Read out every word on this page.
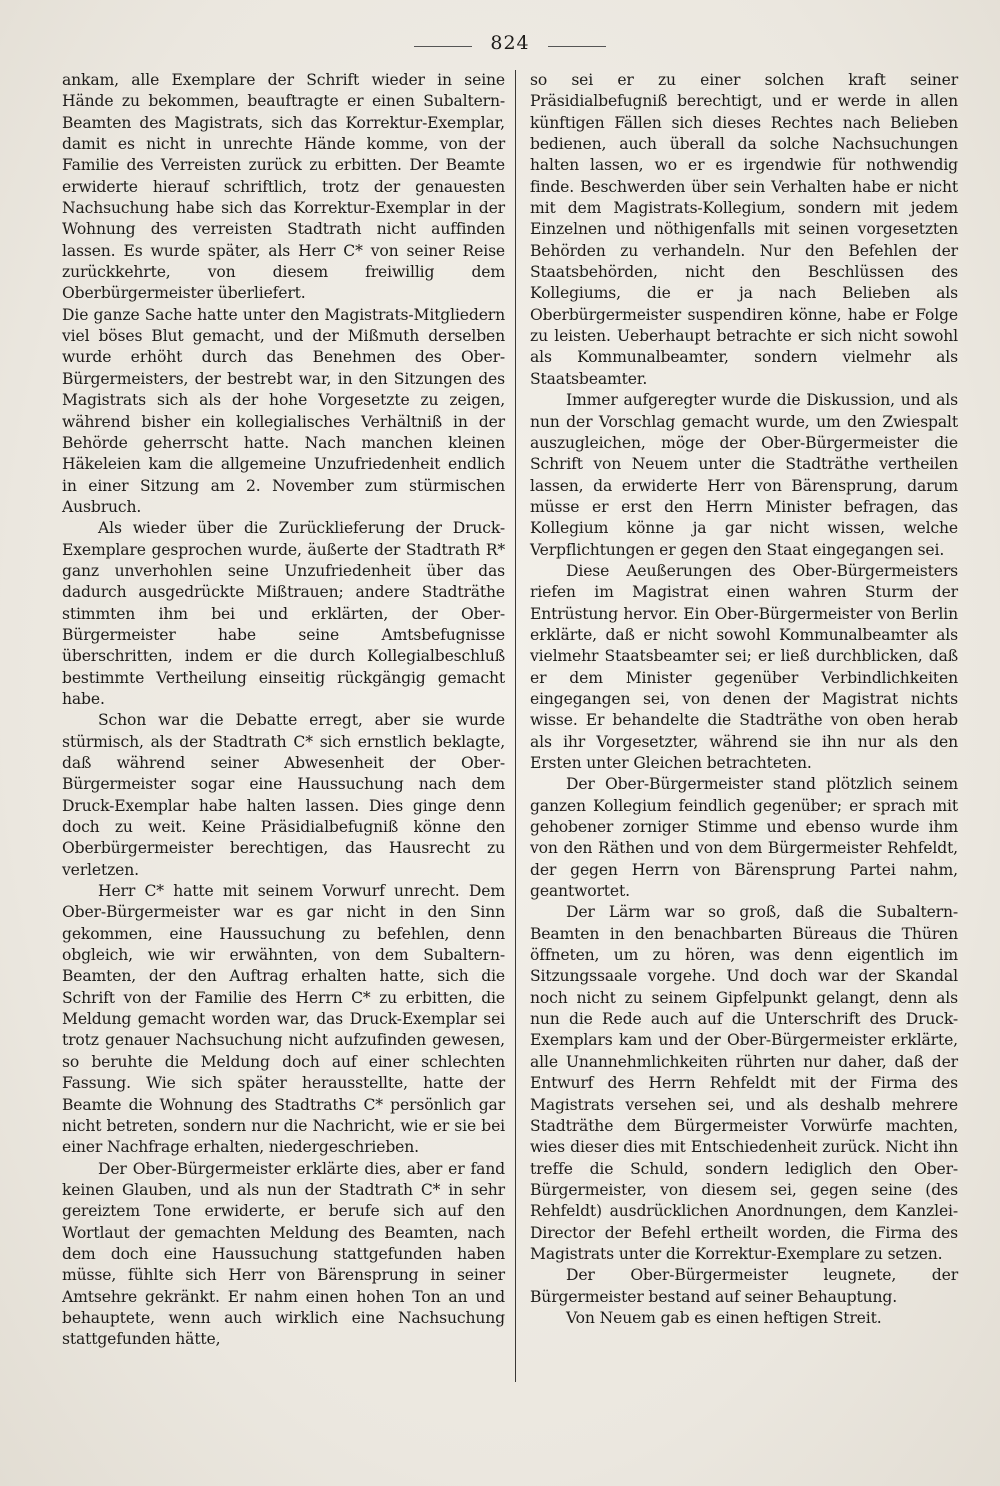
824

ankam, alle Exemplare der Schrift wieder in seine Hände zu bekommen, beauftragte er einen Subaltern-Beamten des Magistrats, sich das Korrektur-Exemplar, damit es nicht in unrechte Hände komme, von der Familie des Verreisten zurück zu erbitten. Der Beamte erwiderte hierauf schriftlich, trotz der genauesten Nachsuchung habe sich das Korrektur-Exemplar in der Wohnung des verreisten Stadtrath nicht auffinden lassen. Es wurde später, als Herr C* von seiner Reise zurückkehrte, von diesem freiwillig dem Oberbürgermeister überliefert.

Die ganze Sache hatte unter den Magistrats-Mitgliedern viel böses Blut gemacht, und der Mißmuth derselben wurde erhöht durch das Benehmen des Ober-Bürgermeisters, der bestrebt war, in den Sitzungen des Magistrats sich als der hohe Vorgesetzte zu zeigen, während bisher ein kollegialisches Verhältniß in der Behörde geherrscht hatte. Nach manchen kleinen Häkeleien kam die allgemeine Unzufriedenheit endlich in einer Sitzung am 2. November zum stürmischen Ausbruch.

Als wieder über die Zurücklieferung der Druck-Exemplare gesprochen wurde, äußerte der Stadtrath R* ganz unverhohlen seine Unzufriedenheit über das dadurch ausgedrückte Mißtrauen; andere Stadträthe stimmten ihm bei und erklärten, der Ober-Bürgermeister habe seine Amtsbefugnisse überschritten, indem er die durch Kollegialbeschluß bestimmte Vertheilung einseitig rückgängig gemacht habe.

Schon war die Debatte erregt, aber sie wurde stürmisch, als der Stadtrath C* sich ernstlich beklagte, daß während seiner Abwesenheit der Ober-Bürgermeister sogar eine Haussuchung nach dem Druck-Exemplar habe halten lassen. Dies ginge denn doch zu weit. Keine Präsidialbefugniß könne den Oberbürgermeister berechtigen, das Hausrecht zu verletzen.

Herr C* hatte mit seinem Vorwurf unrecht. Dem Ober-Bürgermeister war es gar nicht in den Sinn gekommen, eine Haussuchung zu befehlen, denn obgleich, wie wir erwähnten, von dem Subaltern-Beamten, der den Auftrag erhalten hatte, sich die Schrift von der Familie des Herrn C* zu erbitten, die Meldung gemacht worden war, das Druck-Exemplar sei trotz genauer Nachsuchung nicht aufzufinden gewesen, so beruhte die Meldung doch auf einer schlechten Fassung. Wie sich später herausstellte, hatte der Beamte die Wohnung des Stadtraths C* persönlich gar nicht betreten, sondern nur die Nachricht, wie er sie bei einer Nachfrage erhalten, niedergeschrieben.

Der Ober-Bürgermeister erklärte dies, aber er fand keinen Glauben, und als nun der Stadtrath C* in sehr gereiztem Tone erwiderte, er berufe sich auf den Wortlaut der gemachten Meldung des Beamten, nach dem doch eine Haussuchung stattgefunden haben müsse, fühlte sich Herr von Bärensprung in seiner Amtsehre gekränkt. Er nahm einen hohen Ton an und behauptete, wenn auch wirklich eine Nachsuchung stattgefunden hätte,

so sei er zu einer solchen kraft seiner Präsidialbefugniß berechtigt, und er werde in allen künftigen Fällen sich dieses Rechtes nach Belieben bedienen, auch überall da solche Nachsuchungen halten lassen, wo er es irgendwie für nothwendig finde. Beschwerden über sein Verhalten habe er nicht mit dem Magistrats-Kollegium, sondern mit jedem Einzelnen und nöthigenfalls mit seinen vorgesetzten Behörden zu verhandeln. Nur den Befehlen der Staatsbehörden, nicht den Beschlüssen des Kollegiums, die er ja nach Belieben als Oberbürgermeister suspendiren könne, habe er Folge zu leisten. Ueberhaupt betrachte er sich nicht sowohl als Kommunalbeamter, sondern vielmehr als Staatsbeamter.

Immer aufgeregter wurde die Diskussion, und als nun der Vorschlag gemacht wurde, um den Zwiespalt auszugleichen, möge der Ober-Bürgermeister die Schrift von Neuem unter die Stadträthe vertheilen lassen, da erwiderte Herr von Bärensprung, darum müsse er erst den Herrn Minister befragen, das Kollegium könne ja gar nicht wissen, welche Verpflichtungen er gegen den Staat eingegangen sei.

Diese Aeußerungen des Ober-Bürgermeisters riefen im Magistrat einen wahren Sturm der Entrüstung hervor. Ein Ober-Bürgermeister von Berlin erklärte, daß er nicht sowohl Kommunalbeamter als vielmehr Staatsbeamter sei; er ließ durchblicken, daß er dem Minister gegenüber Verbindlichkeiten eingegangen sei, von denen der Magistrat nichts wisse. Er behandelte die Stadträthe von oben herab als ihr Vorgesetzter, während sie ihn nur als den Ersten unter Gleichen betrachteten.

Der Ober-Bürgermeister stand plötzlich seinem ganzen Kollegium feindlich gegenüber; er sprach mit gehobener zorniger Stimme und ebenso wurde ihm von den Räthen und von dem Bürgermeister Rehfeldt, der gegen Herrn von Bärensprung Partei nahm, geantwortet.

Der Lärm war so groß, daß die Subaltern-Beamten in den benachbarten Büreaus die Thüren öffneten, um zu hören, was denn eigentlich im Sitzungssaale vorgehe. Und doch war der Skandal noch nicht zu seinem Gipfelpunkt gelangt, denn als nun die Rede auch auf die Unterschrift des Druck-Exemplars kam und der Ober-Bürgermeister erklärte, alle Unannehmlichkeiten rührten nur daher, daß der Entwurf des Herrn Rehfeldt mit der Firma des Magistrats versehen sei, und als deshalb mehrere Stadträthe dem Bürgermeister Vorwürfe machten, wies dieser dies mit Entschiedenheit zurück. Nicht ihn treffe die Schuld, sondern lediglich den Ober-Bürgermeister, von diesem sei, gegen seine (des Rehfeldt) ausdrücklichen Anordnungen, dem Kanzlei-Director der Befehl ertheilt worden, die Firma des Magistrats unter die Korrektur-Exemplare zu setzen.

Der Ober-Bürgermeister leugnete, der Bürgermeister bestand auf seiner Behauptung.

Von Neuem gab es einen heftigen Streit.
